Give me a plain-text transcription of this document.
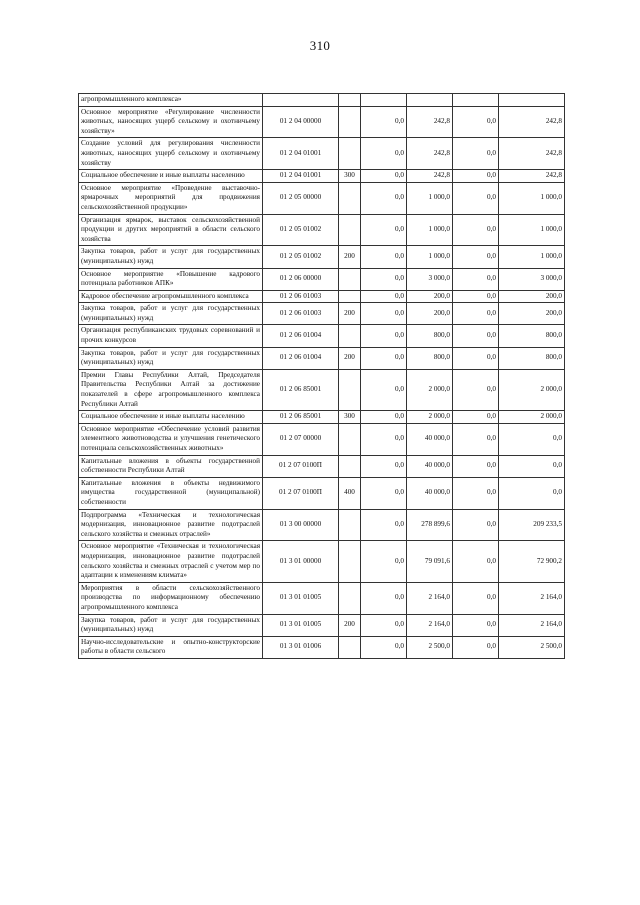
310
агропромышленного комплекса»						
Основное мероприятие «Регулирование численности животных, наносящих ущерб сельскому и охотничьему хозяйству»	01 2 04 00000		0,0	242,8	0,0	242,8
Создание условий для регулирования численности животных, наносящих ущерб сельскому и охотничьему хозяйству	01 2 04 01001		0,0	242,8	0,0	242,8
Социальное обеспечение и иные выплаты населению	01 2 04 01001	300	0,0	242,8	0,0	242,8
Основное мероприятие «Проведение выставочно-ярмарочных мероприятий для продвижения сельскохозяйственной продукции»	01 2 05 00000		0,0	1 000,0	0,0	1 000,0
Организация ярмарок, выставок сельскохозяйственной продукции и других мероприятий в области сельского хозяйства	01 2 05 01002		0,0	1 000,0	0,0	1 000,0
Закупка товаров, работ и услуг для государственных (муниципальных) нужд	01 2 05 01002	200	0,0	1 000,0	0,0	1 000,0
Основное мероприятие «Повышение кадрового потенциала работников АПК»	01 2 06 00000		0,0	3 000,0	0,0	3 000,0
Кадровое обеспечение агропромышленного комплекса	01 2 06 01003		0,0	200,0	0,0	200,0
Закупка товаров, работ и услуг для государственных (муниципальных) нужд	01 2 06 01003	200	0,0	200,0	0,0	200,0
Организация республиканских трудовых соревнований и прочих конкурсов	01 2 06 01004		0,0	800,0	0,0	800,0
Закупка товаров, работ и услуг для государственных (муниципальных) нужд	01 2 06 01004	200	0,0	800,0	0,0	800,0
Премии Главы Республики Алтай, Председателя Правительства Республики Алтай за достижение показателей в сфере агропромышленного комплекса Республики Алтай	01 2 06 85001		0,0	2 000,0	0,0	2 000,0
Социальное обеспечение и иные выплаты населению	01 2 06 85001	300	0,0	2 000,0	0,0	2 000,0
Основное мероприятие «Обеспечение условий развития элементного животноводства и улучшения генетического потенциала сельскохозяйственных животных»	01 2 07 00000		0,0	40 000,0	0,0	0,0
Капитальные вложения в объекты государственной собственности Республики Алтай	01 2 07 0100П		0,0	40 000,0	0,0	0,0
Капитальные вложения в объекты недвижимого имущества государственной (муниципальной) собственности	01 2 07 0100П	400	0,0	40 000,0	0,0	0,0
Подпрограмма «Техническая и технологическая модернизация, инновационное развитие подотраслей сельского хозяйства и смежных отраслей»	01 3 00 00000		0,0	278 899,6	0,0	209 233,5
Основное мероприятие «Техническая и технологическая модернизация, инновационное развитие подотраслей сельского хозяйства и смежных отраслей с учетом мер по адаптации к изменениям климата»	01 3 01 00000		0,0	79 091,6	0,0	72 900,2
Мероприятия в области сельскохозяйственного производства по информационному обеспечению агропромышленного комплекса	01 3 01 01005		0,0	2 164,0	0,0	2 164,0
Закупка товаров, работ и услуг для государственных (муниципальных) нужд	01 3 01 01005	200	0,0	2 164,0	0,0	2 164,0
Научно-исследовательские и опытно-конструкторские работы в области сельского	01 3 01 01006		0,0	2 500,0	0,0	2 500,0
